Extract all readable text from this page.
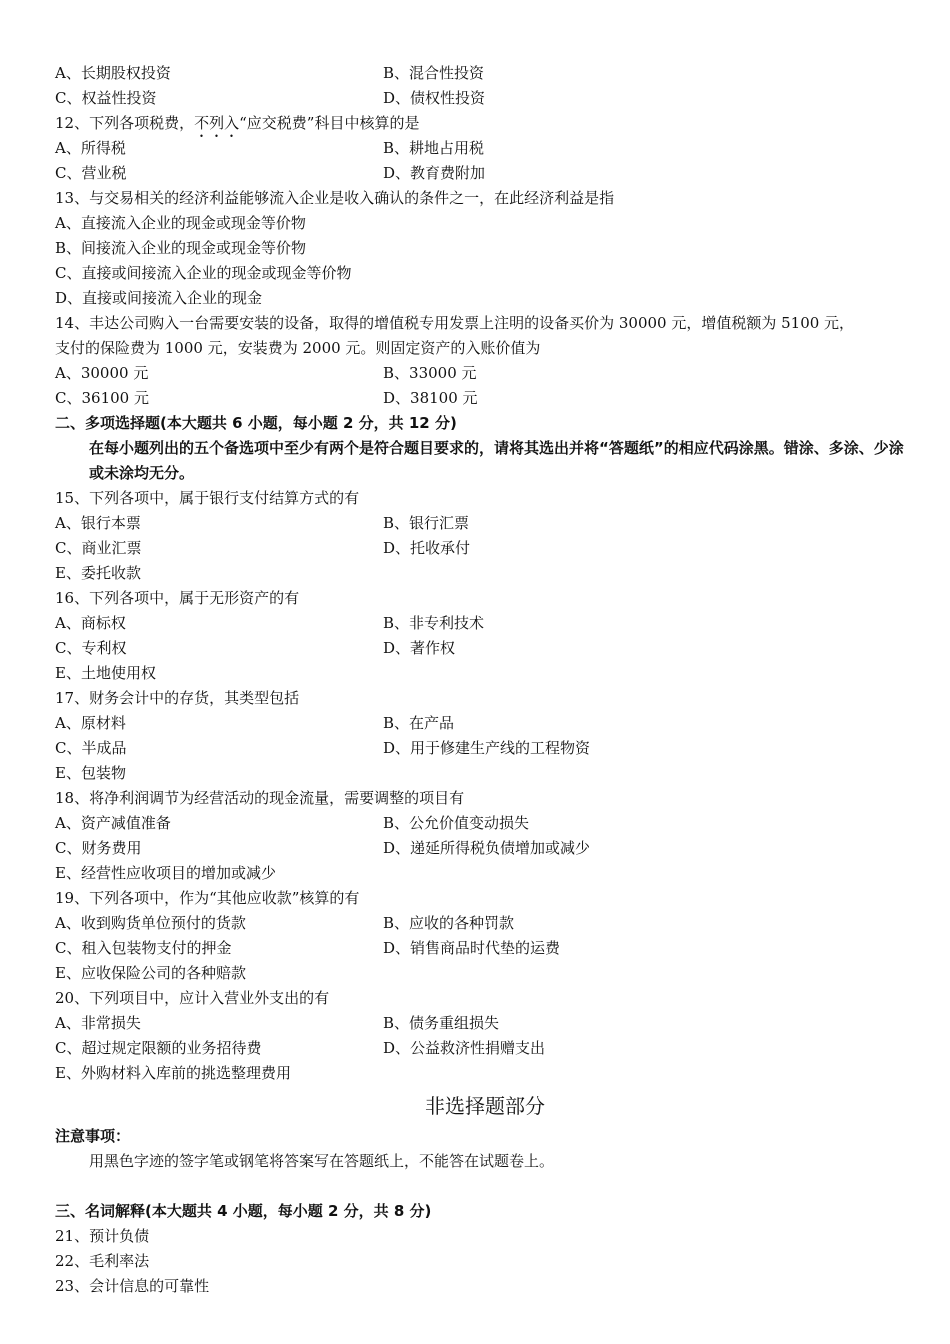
A、长期股权投资	B、混合性投资
C、权益性投资	D、债权性投资
12、下列各项税费，不列入“应交税费”科目中核算的是
A、所得税	B、耕地占用税
C、营业税	D、教育费附加
13、与交易相关的经济利益能够流入企业是收入确认的条件之一，在此经济利益是指
A、直接流入企业的现金或现金等价物
B、间接流入企业的现金或现金等价物
C、直接或间接流入企业的现金或现金等价物
D、直接或间接流入企业的现金
14、丰达公司购入一台需要安装的设备，取得的增值税专用发票上注明的设备买价为 30000 元，增值税额为 5100 元，
支付的保险费为 1000 元，安装费为 2000 元。则固定资产的入账价值为
A、30000 元	B、33000 元
C、36100 元	D、38100 元
二、多项选择题(本大题共 6 小题，每小题 2 分，共 12 分)
在每小题列出的五个备选项中至少有两个是符合题目要求的，请将其选出并将“答题纸”的相应代码涂黑。错涂、多涂、少涂或未涂均无分。
15、下列各项中，属于银行支付结算方式的有
A、银行本票	B、银行汇票
C、商业汇票	D、托收承付
E、委托收款
16、下列各项中，属于无形资产的有
A、商标权	B、非专利技术
C、专利权	D、著作权
E、土地使用权
17、财务会计中的存货，其类型包括
A、原材料	B、在产品
C、半成品	D、用于修建生产线的工程物资
E、包装物
18、将净利润调节为经营活动的现金流量，需要调整的项目有
A、资产减值准备	B、公允价值变动损失
C、财务费用	D、递延所得税负债增加或减少
E、经营性应收项目的增加或减少
19、下列各项中，作为“其他应收款”核算的有
A、收到购货单位预付的货款	B、应收的各种罚款
C、租入包装物支付的押金	D、销售商品时代垫的运费
E、应收保险公司的各种赔款
20、下列项目中，应计入营业外支出的有
A、非常损失	B、债务重组损失
C、超过规定限额的业务招待费	D、公益救济性捐赠支出
E、外购材料入库前的挑选整理费用
非选择题部分
注意事项：
用黑色字迹的签字笔或钢笔将答案写在答题纸上，不能答在试题卷上。
三、名词解释(本大题共 4 小题，每小题 2 分，共 8 分)
21、预计负债
22、毛利率法
23、会计信息的可靠性
